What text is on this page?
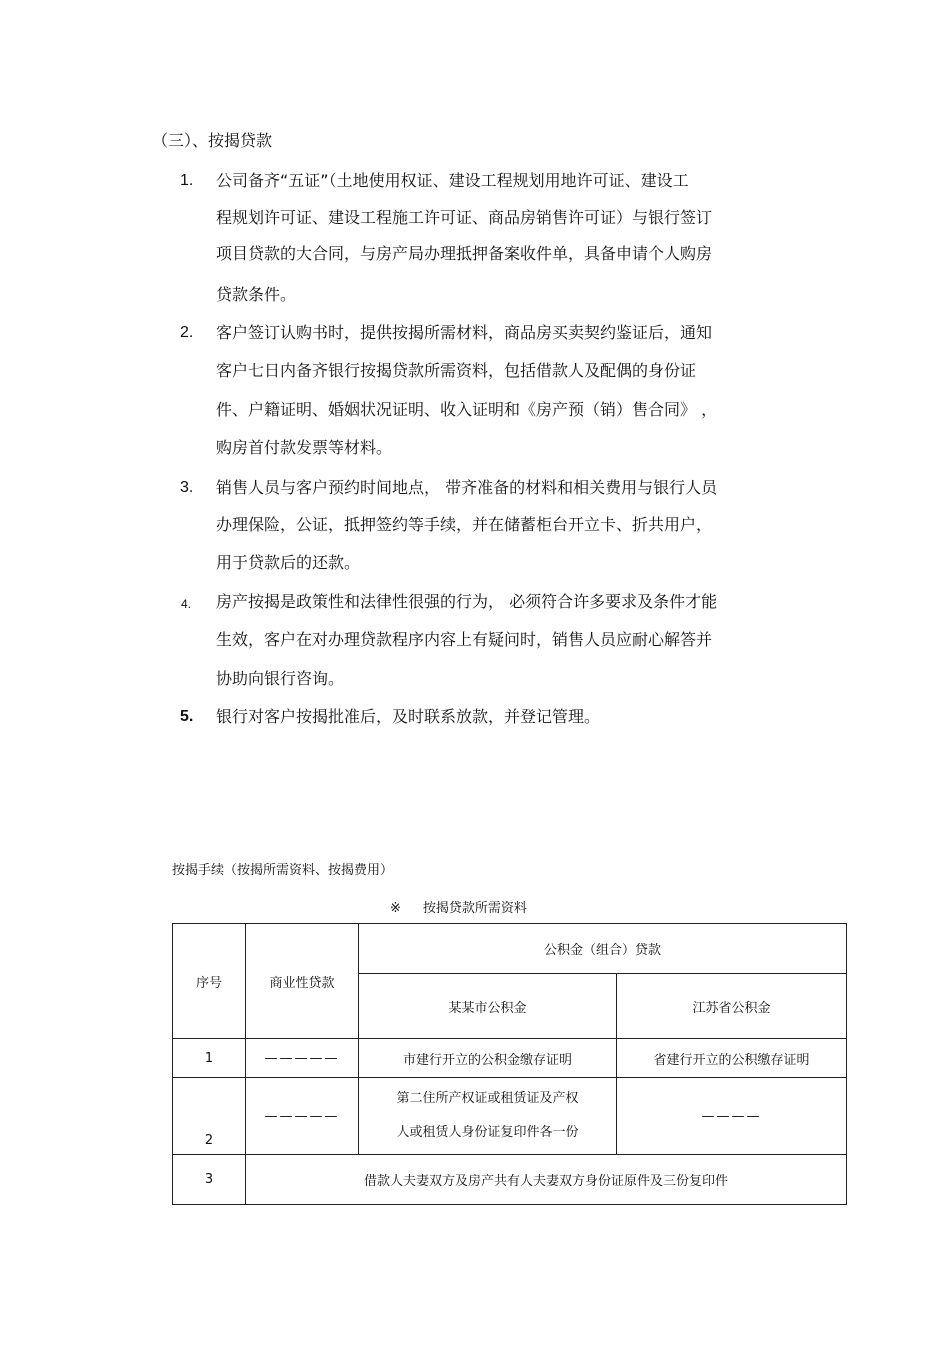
（三）、按揭贷款
1. 公司备齐“五证”（土地使用权证、建设工程规划用地许可证、建设工
程规划许可证、建设工程施工许可证、商品房销售许可证）与银行签订
项目贷款的大合同，与房产局办理抵押备案收件单，具备申请个人购房
贷款条件。
2. 客户签订认购书时，提供按揭所需材料，商品房买卖契约鉴证后，通知
客户七日内备齐银行按揭贷款所需资料，包括借款人及配偶的身份证
件、户籍证明、婚姻状况证明、收入证明和《房产预（销）售合同》 ，
购房首付款发票等材料。
3. 销售人员与客户预约时间地点， 带齐准备的材料和相关费用与银行人员
办理保险，公证，抵押签约等手续，并在储蓄柜台开立卡、折共用户，
用于贷款后的还款。
4. 房产按揭是政策性和法律性很强的行为， 必须符合许多要求及条件才能
生效，客户在对办理贷款程序内容上有疑问时，销售人员应耐心解答并
协助向银行咨询。
5. 银行对客户按揭批准后，及时联系放款，并登记管理。
按揭手续（按揭所需资料、按揭费用）
※ 按揭贷款所需资料
序号	商业性贷款	公积金（组合）贷款	
		某某市公积金	江苏省公积金
1	—————	市建行开立的公积金缴存证明	省建行开立的公积缴存证明
2	—————	第二住所产权证或租赁证及产权
人或租赁人身份证复印件各一份	————
3	借款人夫妻双方及房产共有人夫妻双方身份证原件及三份复印件		
